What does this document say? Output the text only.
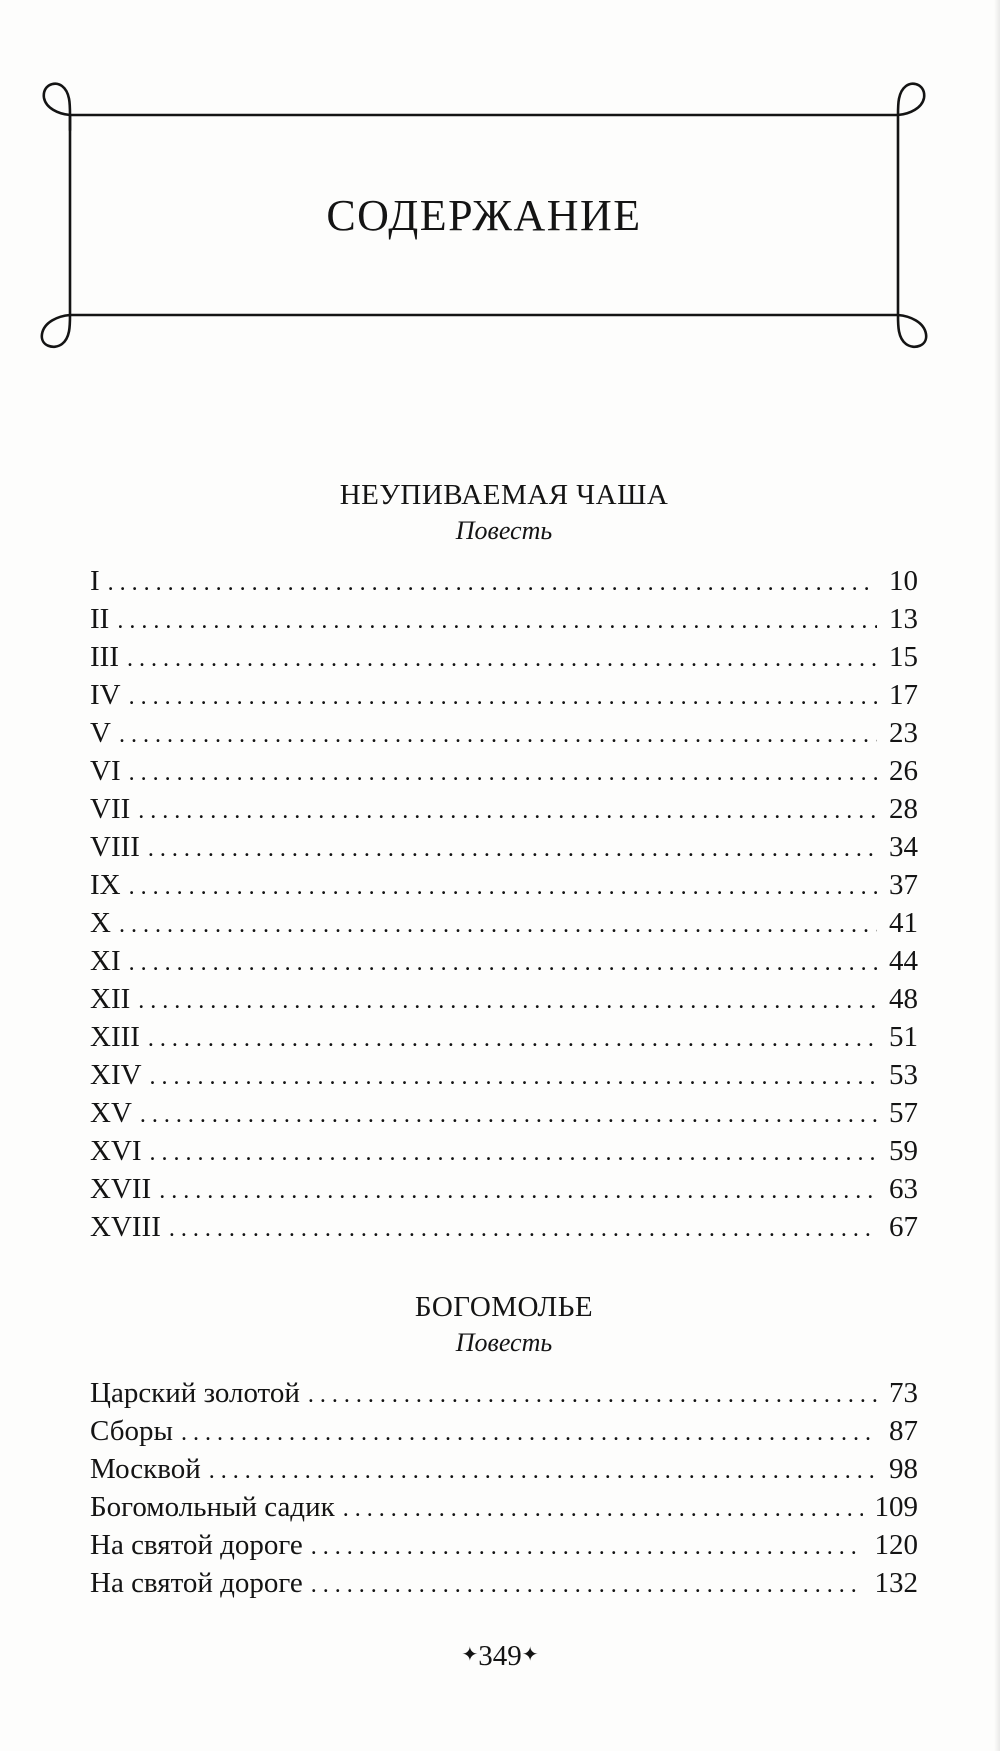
СОДЕРЖАНИЕ
НЕУПИВАЕМАЯ ЧАША

Повесть

I . . .	10
II . . .	13
III . . .	15
IV . . .	17
V . . .	23
VI . . .	26
VII . . .	28
VIII . . .	34
IX . . .	37
X . . .	41
XI . . .	44
XII . . .	48
XIII . . .	51
XIV . . .	53
XV . . .	57
XVI . . .	59
XVII . . .	63
XVIII . . .	67
БОГОМОЛЬЕ

Повесть

Царский золотой . . .	73
Сборы . . .	87
Москвой . . .	98
Богомольный садик . . .	109
На святой дороге . . .	120
На святой дороге . . .	132
✦349✦
